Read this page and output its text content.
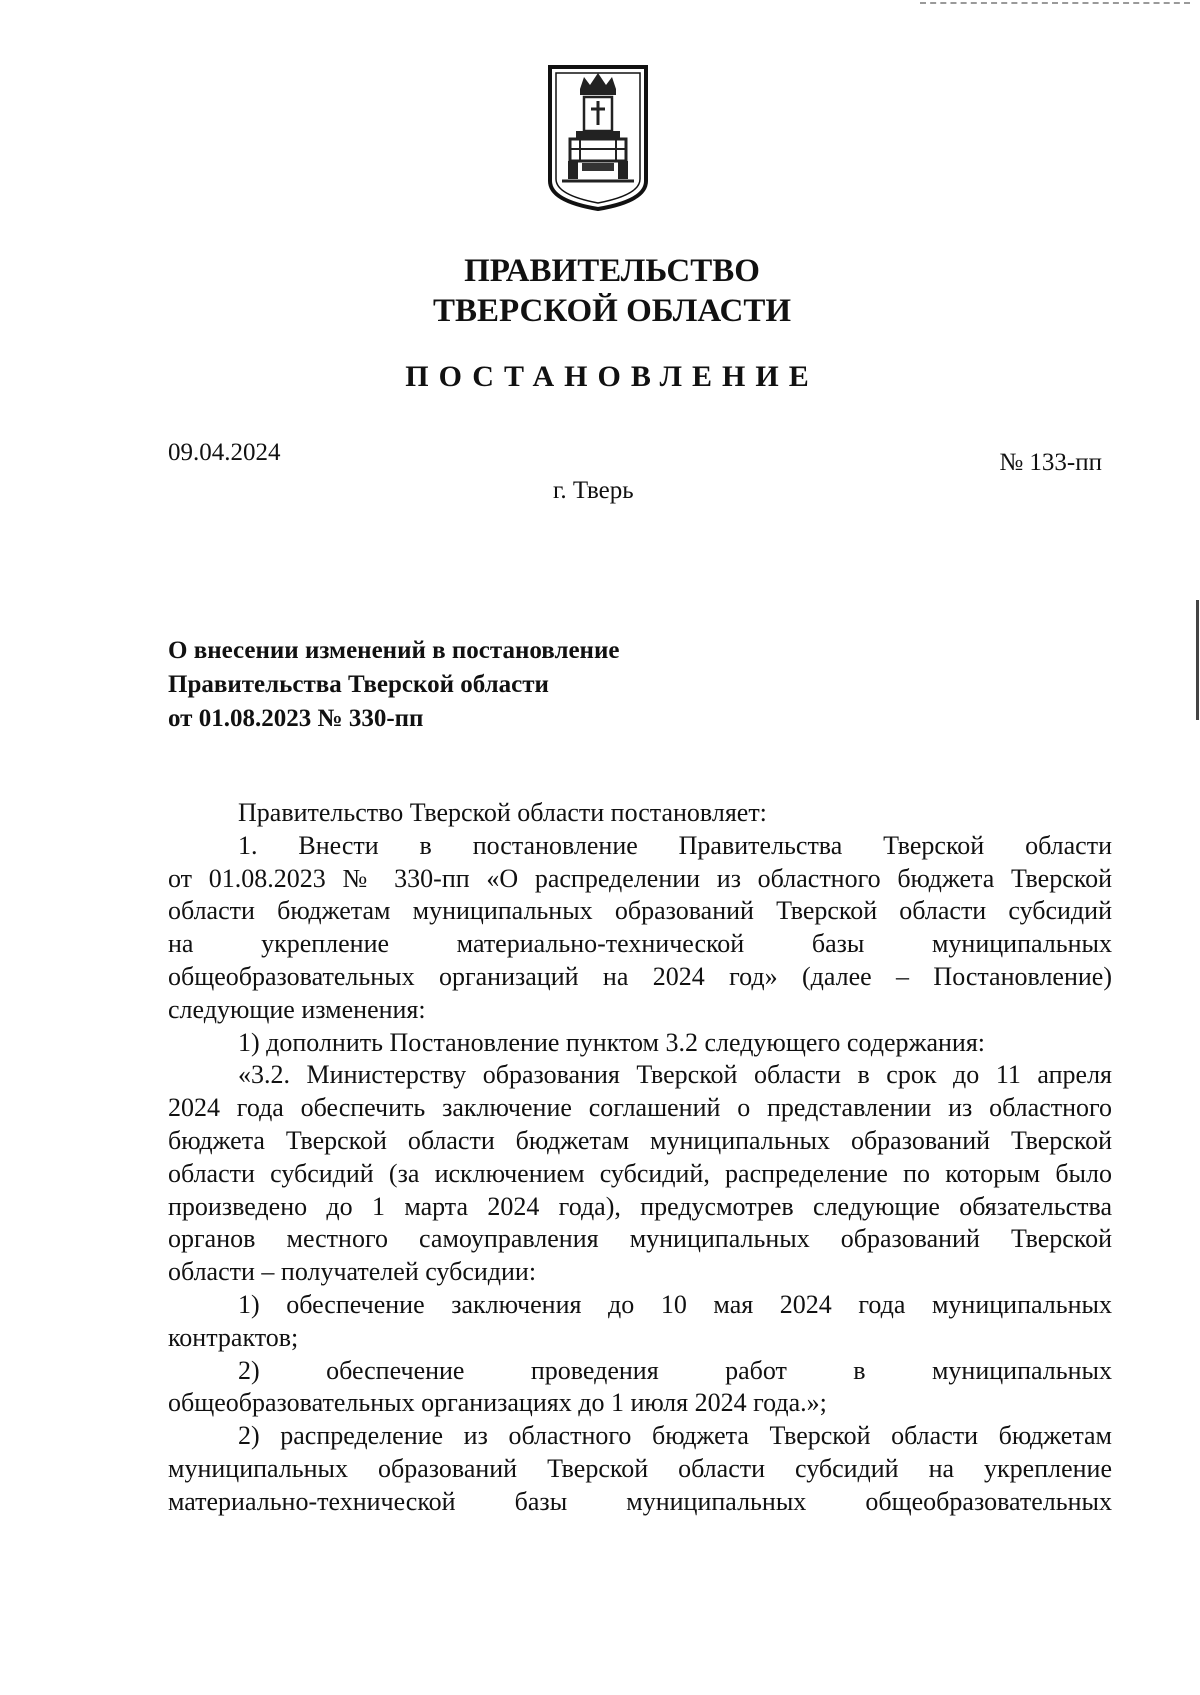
ПРАВИТЕЛЬСТВО
ТВЕРСКОЙ ОБЛАСТИ
ПОСТАНОВЛЕНИЕ
09.04.2024	№ 133-пп
г. Тверь
О внесении изменений в постановление
Правительства Тверской области
от 01.08.2023 № 330-пп
Правительство Тверской области постановляет:
1. Внести в постановление Правительства Тверской области
от 01.08.2023 № 330-пп «О распределении из областного бюджета Тверской
области бюджетам муниципальных образований Тверской области субсидий
на укрепление материально-технической базы муниципальных
общеобразовательных организаций на 2024 год» (далее – Постановление)
следующие изменения:
1) дополнить Постановление пунктом 3.2 следующего содержания:
«3.2. Министерству образования Тверской области в срок до 11 апреля
2024 года обеспечить заключение соглашений о представлении из областного
бюджета Тверской области бюджетам муниципальных образований Тверской
области субсидий (за исключением субсидий, распределение по которым было
произведено до 1 марта 2024 года), предусмотрев следующие обязательства
органов местного самоуправления муниципальных образований Тверской
области – получателей субсидии:
1) обеспечение заключения до 10 мая 2024 года муниципальных
контрактов;
2) обеспечение проведения работ в муниципальных
общеобразовательных организациях до 1 июля 2024 года.»;
2) распределение из областного бюджета Тверской области бюджетам
муниципальных образований Тверской области субсидий на укрепление
материально-технической базы муниципальных общеобразовательных
